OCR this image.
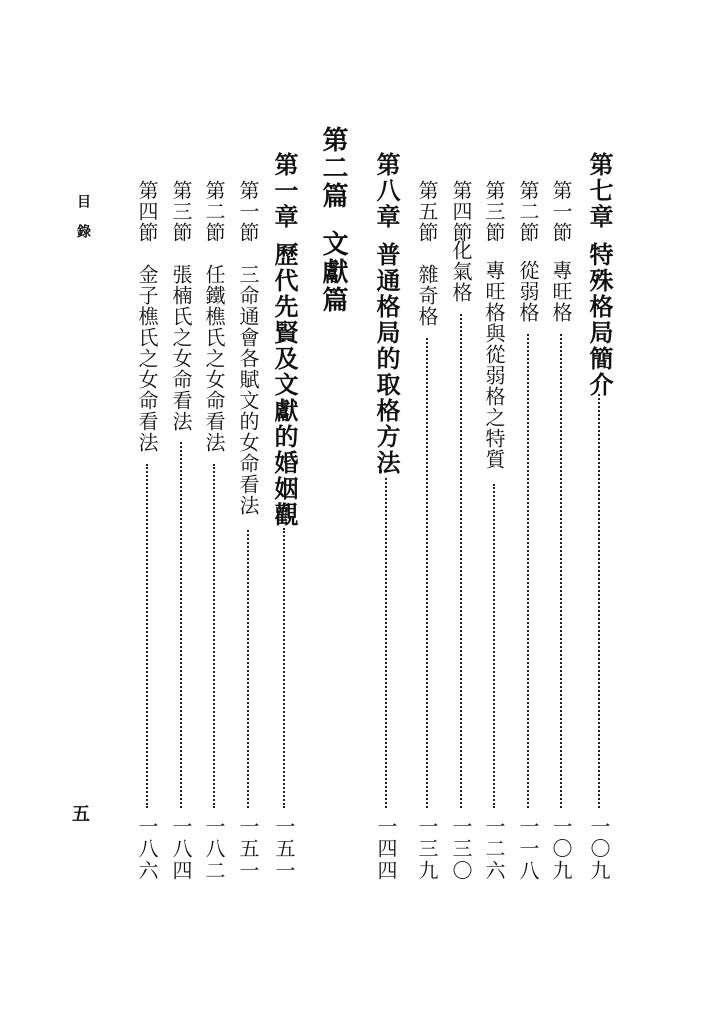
目錄
五
第七章
特殊格局簡介
一〇九
第一節
專旺格
一〇九
第二節
從弱格
一一八
第三節
專旺格與從弱格之特質
一二六
第四節
化氣格
一三〇
第五節
雜奇格
一三九
第八章
普通格局的取格方法
一四四
第二篇
文獻篇
第一章
歷代先賢及文獻的婚姻觀
一五一
第一節
三命通會各賦文的女命看法
一五一
第二節
任鐵樵氏之女命看法
一八二
第三節
張楠氏之女命看法
一八四
第四節
金子樵氏之女命看法
一八六
